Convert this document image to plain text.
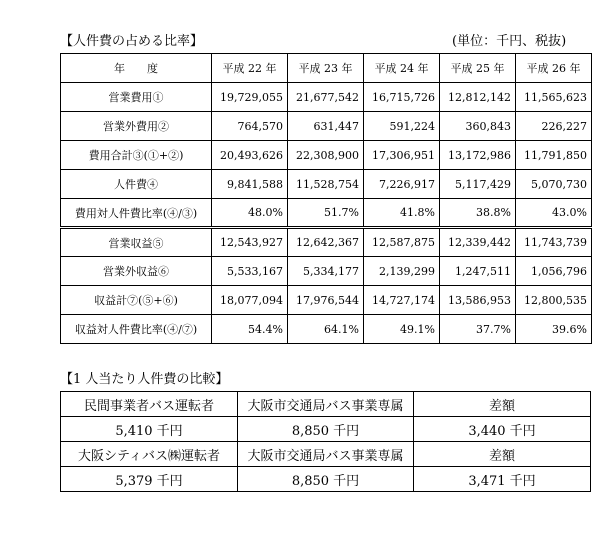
【人件費の占める比率】	(単位：千円、税抜)
年　　度	平成 22 年	平成 23 年	平成 24 年	平成 25 年	平成 26 年
営業費用①	19,729,055	21,677,542	16,715,726	12,812,142	11,565,623
営業外費用②	764,570	631,447	591,224	360,843	226,227
費用合計③(①+②)	20,493,626	22,308,900	17,306,951	13,172,986	11,791,850
人件費④	9,841,588	11,528,754	7,226,917	5,117,429	5,070,730
費用対人件費比率(④/③)	48.0%	51.7%	41.8%	38.8%	43.0%
営業収益⑤	12,543,927	12,642,367	12,587,875	12,339,442	11,743,739
営業外収益⑥	5,533,167	5,334,177	2,139,299	1,247,511	1,056,796
収益計⑦(⑤+⑥)	18,077,094	17,976,544	14,727,174	13,586,953	12,800,535
収益対人件費比率(④/⑦)	54.4%	64.1%	49.1%	37.7%	39.6%
【1 人当たり人件費の比較】
民間事業者バス運転者	大阪市交通局バス事業専属	差額
5,410 千円	8,850 千円	3,440 千円
大阪シティバス㈱運転者	大阪市交通局バス事業専属	差額
5,379 千円	8,850 千円	3,471 千円
